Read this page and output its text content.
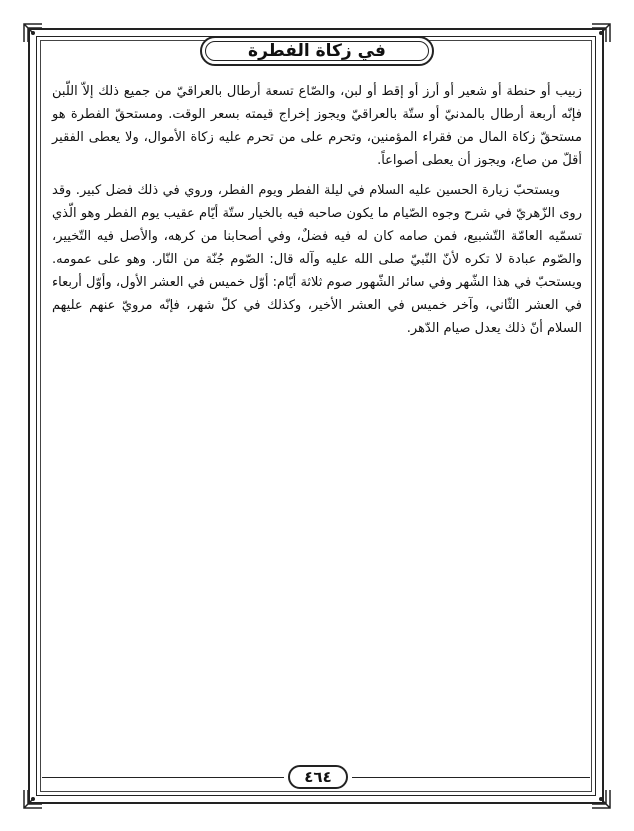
في زكاة الفطرة

زبيب أو حنطة أو شعير أو أرز أو إقط أو لبن، والصّاع تسعة أرطال بالعراقيّ من جميع ذلك إلاّ اللّبن فإنّه أربعة أرطال بالمدنيّ أو ستّة بالعراقيّ ويجوز إخراج قيمته بسعر الوقت. ومستحقّ الفطرة هو مستحقّ زكاة المال من فقراء المؤمنين، وتحرم على من تحرم عليه زكاة الأموال، ولا يعطى الفقير أقلّ من صاع، ويجوز أن يعطى أصواعاً.

ويستحبّ زيارة الحسين عليه السلام في ليلة الفطر ويوم الفطر، وروي في ذلك فضل كبير. وقد روى الزّهريّ في شرح وجوه الصّيام ما يكون صاحبه فيه بالخيار ستّة أيّام عقيب يوم الفطر وهو الّذي تسمّيه العامّة التّشبيع، فمن صامه كان له فيه فضلٌ، وفي أصحابنا من كرهه، والأصل فيه التّخيير، والصّوم عبادة لا تكره لأنّ النّبيّ صلى الله عليه وآله قال: الصّوم جُنّة من النّار. وهو على عمومه. ويستحبّ في هذا الشّهر وفي سائر الشّهور صوم ثلاثة أيّام: أوّل خميس في العشر الأول، وأوّل أربعاء في العشر الثّاني، وآخر خميس في العشر الأخير، وكذلك في كلّ شهر، فإنّه مرويّ عنهم عليهم السلام أنّ ذلك يعدل صيام الدّهر.

٤٦٤
